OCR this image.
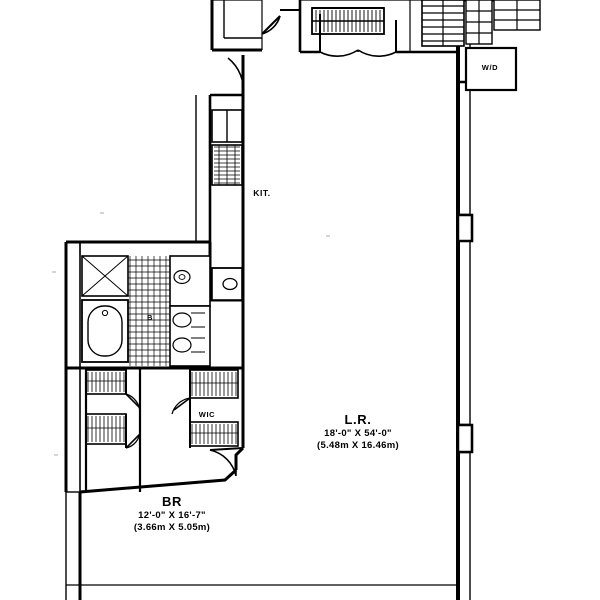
L.R.
18'-0" X 54'-0"
(5.48m X 16.46m)
BR
12'-0" X 16'-7"
(3.66m X 5.05m)
KIT.
WIC
W/D
B
